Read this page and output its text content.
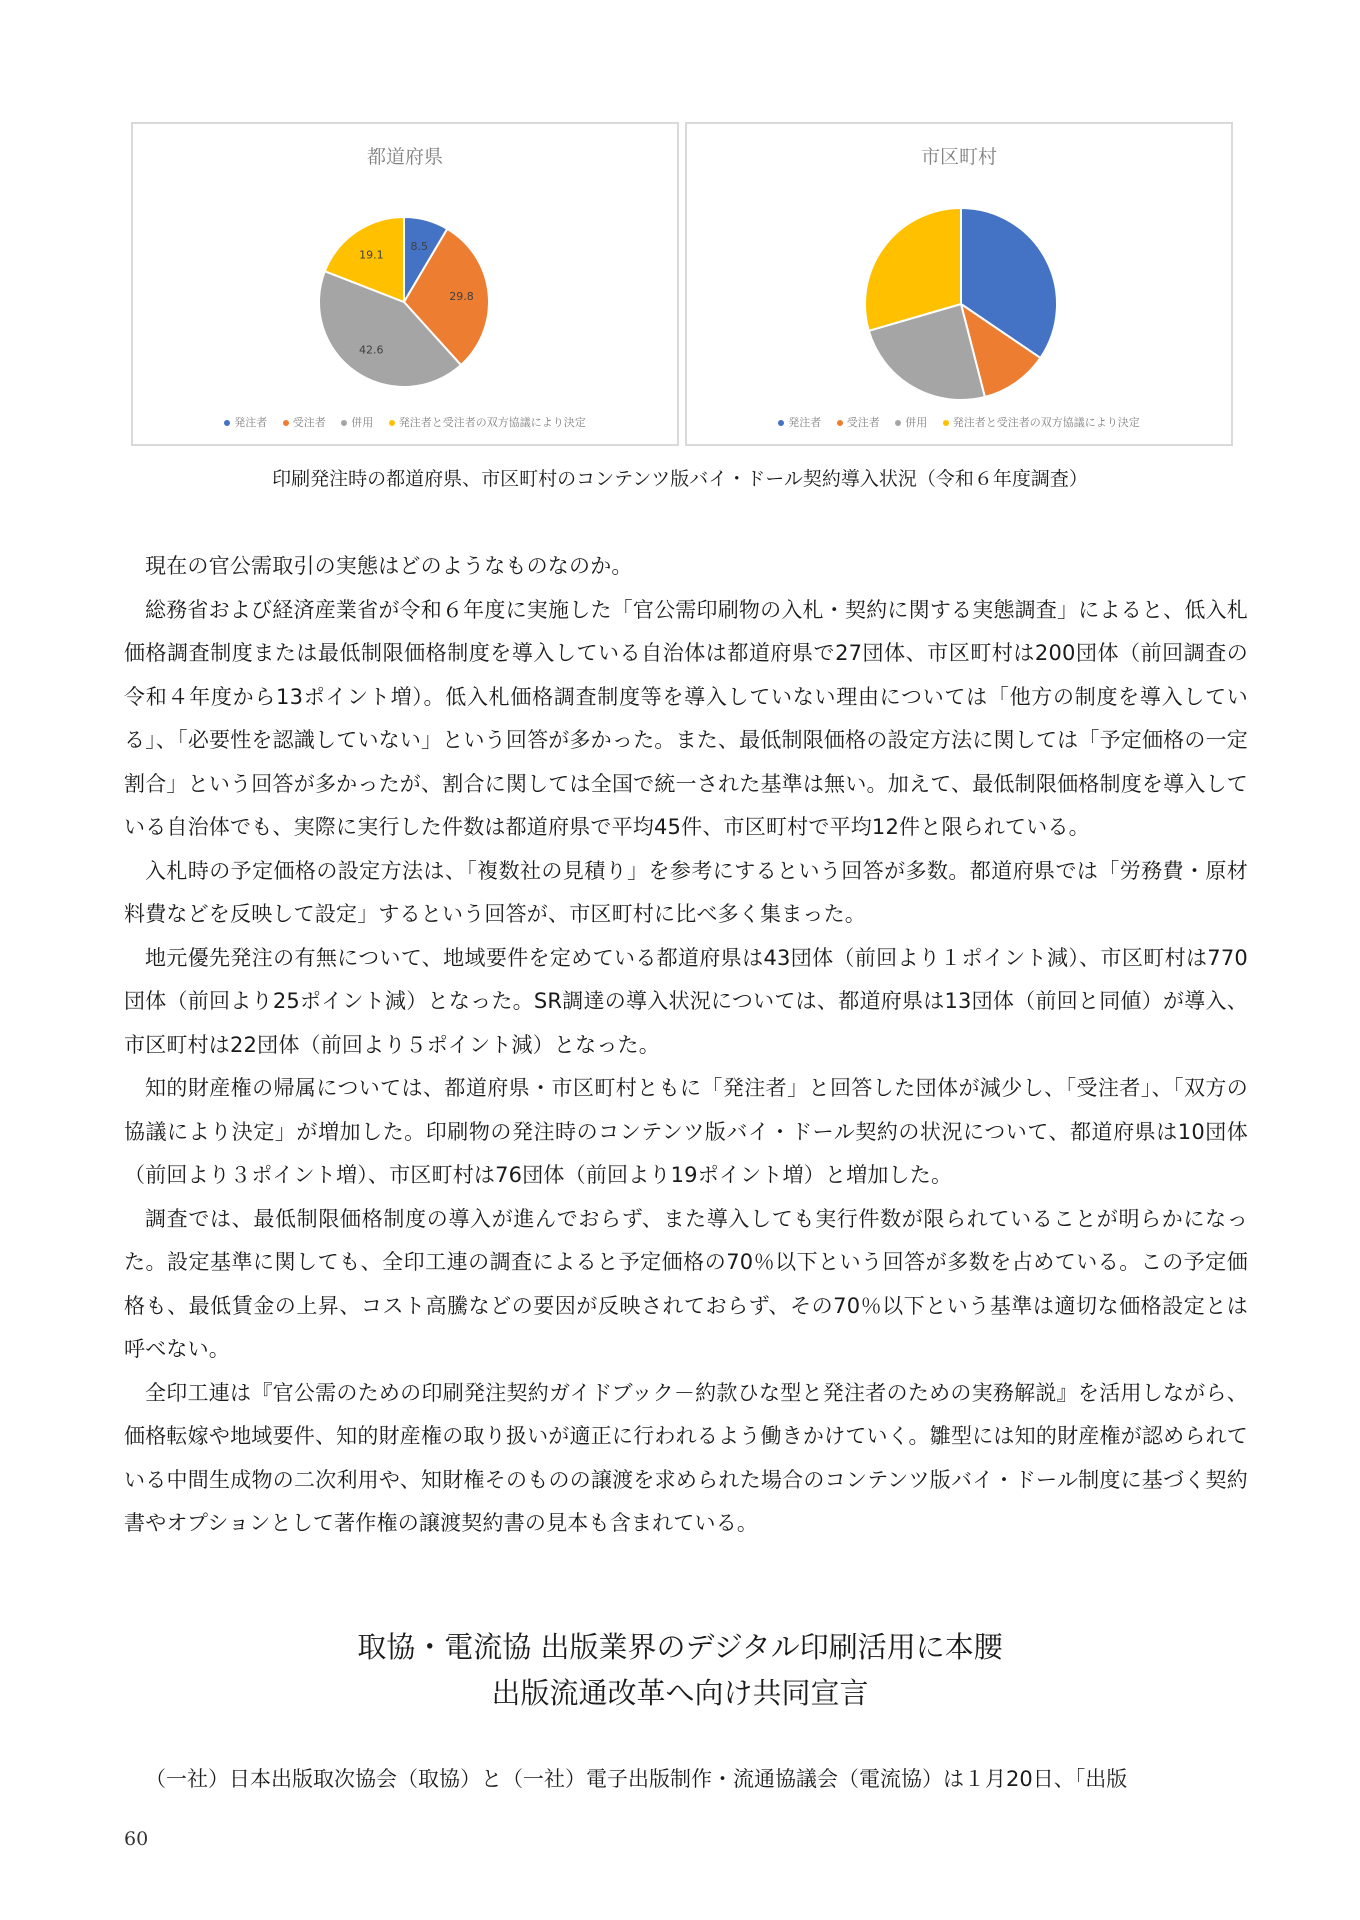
都道府県
8.5
29.8
42.6
19.1
発注者 受注者 併用 発注者と受注者の双方協議により決定
市区町村
発注者 受注者 併用 発注者と受注者の双方協議により決定
印刷発注時の都道府県、市区町村のコンテンツ版バイ・ドール契約導入状況（令和６年度調査）

現在の官公需取引の実態はどのようなものなのか。

総務省および経済産業省が令和６年度に実施した「官公需印刷物の入札・契約に関する実態調査」によると、低入札価格調査制度または最低制限価格制度を導入している自治体は都道府県で27団体、市区町村は200団体（前回調査の令和４年度から13ポイント増）。低入札価格調査制度等を導入していない理由については「他方の制度を導入している」、「必要性を認識していない」という回答が多かった。また、最低制限価格の設定方法に関しては「予定価格の一定割合」という回答が多かったが、割合に関しては全国で統一された基準は無い。加えて、最低制限価格制度を導入している自治体でも、実際に実行した件数は都道府県で平均45件、市区町村で平均12件と限られている。

入札時の予定価格の設定方法は、「複数社の見積り」を参考にするという回答が多数。都道府県では「労務費・原材料費などを反映して設定」するという回答が、市区町村に比べ多く集まった。

地元優先発注の有無について、地域要件を定めている都道府県は43団体（前回より１ポイント減）、市区町村は770団体（前回より25ポイント減）となった。SR調達の導入状況については、都道府県は13団体（前回と同値）が導入、市区町村は22団体（前回より５ポイント減）となった。

知的財産権の帰属については、都道府県・市区町村ともに「発注者」と回答した団体が減少し、「受注者」、「双方の協議により決定」が増加した。印刷物の発注時のコンテンツ版バイ・ドール契約の状況について、都道府県は10団体（前回より３ポイント増）、市区町村は76団体（前回より19ポイント増）と増加した。

調査では、最低制限価格制度の導入が進んでおらず、また導入しても実行件数が限られていることが明らかになった。設定基準に関しても、全印工連の調査によると予定価格の70％以下という回答が多数を占めている。この予定価格も、最低賃金の上昇、コスト高騰などの要因が反映されておらず、その70％以下という基準は適切な価格設定とは呼べない。

全印工連は『官公需のための印刷発注契約ガイドブック－約款ひな型と発注者のための実務解説』を活用しながら、価格転嫁や地域要件、知的財産権の取り扱いが適正に行われるよう働きかけていく。雛型には知的財産権が認められている中間生成物の二次利用や、知財権そのものの譲渡を求められた場合のコンテンツ版バイ・ドール制度に基づく契約書やオプションとして著作権の譲渡契約書の見本も含まれている。

取協・電流協 出版業界のデジタル印刷活用に本腰
出版流通改革へ向け共同宣言
（一社）日本出版取次協会（取協）と（一社）電子出版制作・流通協議会（電流協）は１月20日、「出版
60
